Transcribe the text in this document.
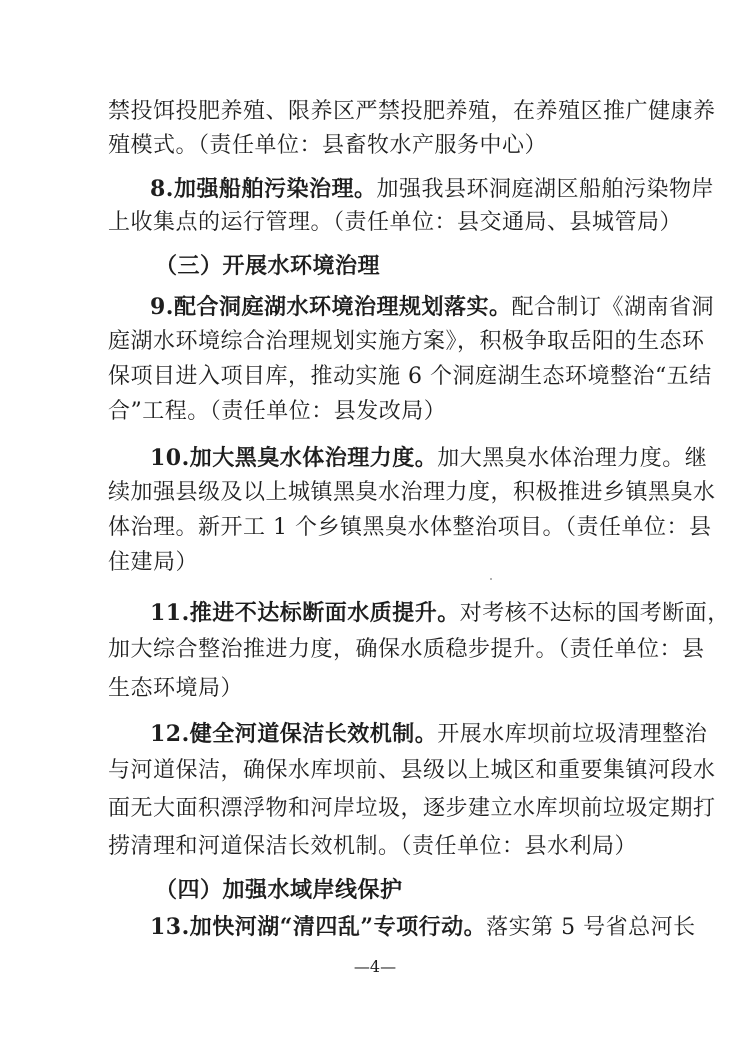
禁投饵投肥养殖、限养区严禁投肥养殖，在养殖区推广健康养
殖模式。（责任单位：县畜牧水产服务中心）
8.加强船舶污染治理。加强我县环洞庭湖区船舶污染物岸
上收集点的运行管理。（责任单位：县交通局、县城管局）
（三）开展水环境治理
9.配合洞庭湖水环境治理规划落实。配合制订《湖南省洞
庭湖水环境综合治理规划实施方案》，积极争取岳阳的生态环
保项目进入项目库，推动实施 6 个洞庭湖生态环境整治“五结
合”工程。（责任单位：县发改局）
10.加大黑臭水体治理力度。加大黑臭水体治理力度。继
续加强县级及以上城镇黑臭水治理力度，积极推进乡镇黑臭水
体治理。新开工 1 个乡镇黑臭水体整治项目。（责任单位：县
住建局）
11.推进不达标断面水质提升。对考核不达标的国考断面，
加大综合整治推进力度，确保水质稳步提升。（责任单位：县
生态环境局）
12.健全河道保洁长效机制。开展水库坝前垃圾清理整治
与河道保洁，确保水库坝前、县级以上城区和重要集镇河段水
面无大面积漂浮物和河岸垃圾，逐步建立水库坝前垃圾定期打
捞清理和河道保洁长效机制。（责任单位：县水利局）
（四）加强水域岸线保护
13.加快河湖“清四乱”专项行动。落实第 5 号省总河长
—4—
